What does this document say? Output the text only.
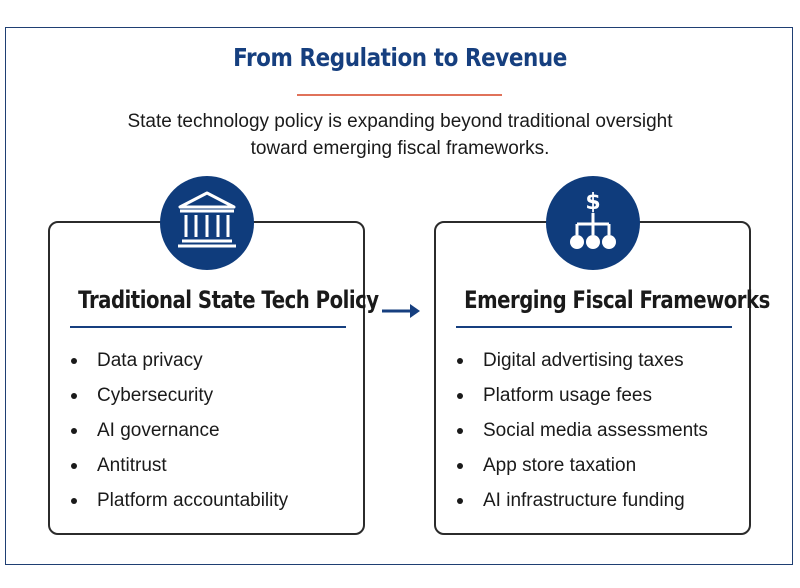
From Regulation to Revenue
State technology policy is expanding beyond traditional oversight
toward emerging fiscal frameworks.
Traditional State Tech Policy
Data privacy
Cybersecurity
AI governance
Antitrust
Platform accountability
Emerging Fiscal Frameworks
Digital advertising taxes
Platform usage fees
Social media assessments
App store taxation
AI infrastructure funding
$
